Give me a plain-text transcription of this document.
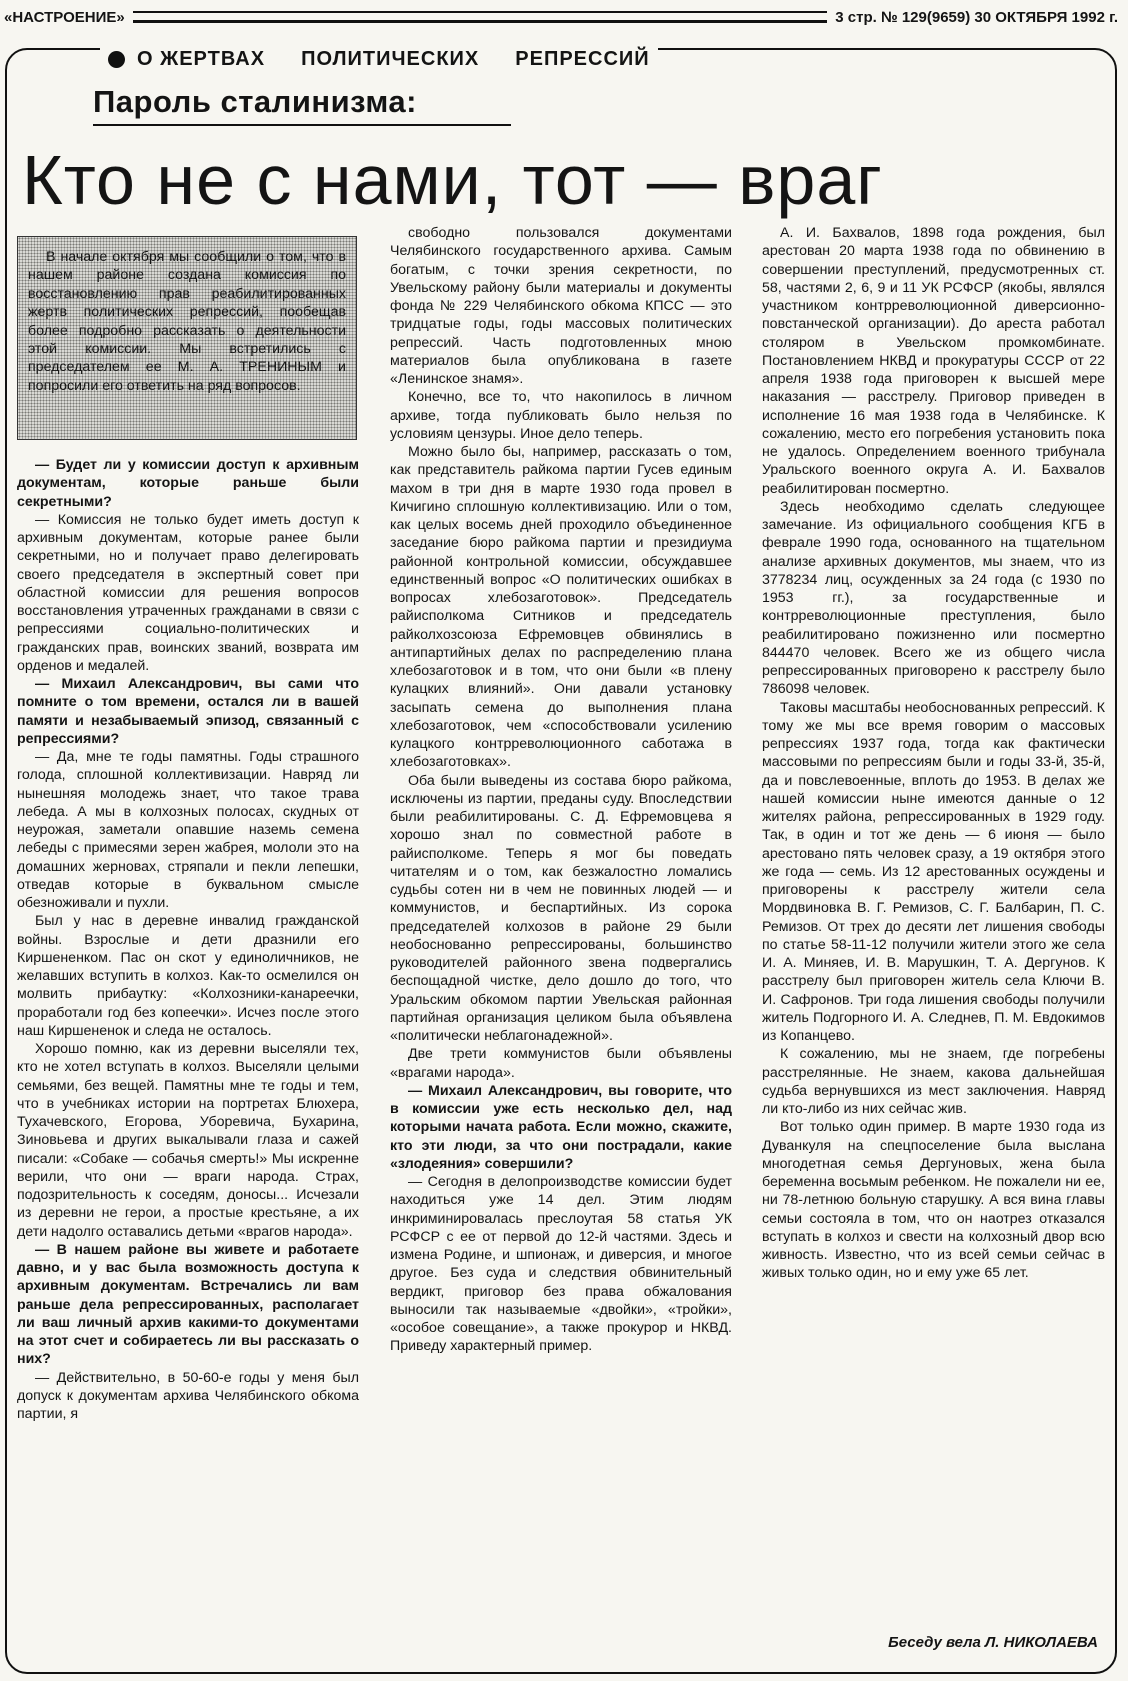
«НАСТРОЕНИЕ»	3 стр. № 129(9659) 30 ОКТЯБРЯ 1992 г.
О ЖЕРТВАХ ПОЛИТИЧЕСКИХ РЕПРЕССИЙ
Пароль сталинизма:
Кто не с нами, тот — враг
В начале октября мы сообщили о том, что в нашем районе создана комиссия по восстановлению прав реабилитированных жертв политических репрессий, пообещав более подробно рассказать о деятельности этой комиссии. Мы встретились с председателем ее М. А. ТРЕНИНЫМ и попросили его ответить на ряд вопросов.

— Будет ли у комиссии доступ к архивным документам, которые раньше были секретными?

— Комиссия не только будет иметь доступ к архивным документам, которые ранее были секретными, но и получает право делегировать своего председателя в экспертный совет при областной комиссии для решения вопросов восстановления утраченных гражданами в связи с репрессиями социально-политических и гражданских прав, воинских званий, возврата им орденов и медалей.

— Михаил Александрович, вы сами что помните о том времени, остался ли в вашей памяти и незабываемый эпизод, связанный с репрессиями?

— Да, мне те годы памятны. Годы страшного голода, сплошной коллективизации. Навряд ли нынешняя молодежь знает, что такое трава лебеда. А мы в колхозных полосах, скудных от неурожая, заметали опавшие наземь семена лебеды с примесями зерен жабрея, мололи это на домашних жерновах, стряпали и пекли лепешки, отведав которые в буквальном смысле обезноживали и пухли.

Был у нас в деревне инвалид гражданской войны. Взрослые и дети дразнили его Киршененком. Пас он скот у единоличников, не желавших вступить в колхоз. Как-то осмелился он молвить прибаутку: «Колхозники-канареечки, проработали год без копеечки». Исчез после этого наш Киршененок и следа не осталось.

Хорошо помню, как из деревни выселяли тех, кто не хотел вступать в колхоз. Выселяли целыми семьями, без вещей. Памятны мне те годы и тем, что в учебниках истории на портретах Блюхера, Тухачевского, Егорова, Уборевича, Бухарина, Зиновьева и других выкалывали глаза и сажей писали: «Собаке — собачья смерть!» Мы искренне верили, что они — враги народа. Страх, подозрительность к соседям, доносы... Исчезали из деревни не герои, а простые крестьяне, а их дети надолго оставались детьми «врагов народа».

— В нашем районе вы живете и работаете давно, и у вас была возможность доступа к архивным документам. Встречались ли вам раньше дела репрессированных, располагает ли ваш личный архив какими-то документами на этот счет и собираетесь ли вы рассказать о них?

— Действительно, в 50-60-е годы у меня был допуск к документам архива Челябинского обкома партии, я

свободно пользовался документами Челябинского государственного архива. Самым богатым, с точки зрения секретности, по Увельскому району были материалы и документы фонда № 229 Челябинского обкома КПСС — это тридцатые годы, годы массовых политических репрессий. Часть подготовленных мною материалов была опубликована в газете «Ленинское знамя».

Конечно, все то, что накопилось в личном архиве, тогда публиковать было нельзя по условиям цензуры. Иное дело теперь.

Можно было бы, например, рассказать о том, как представитель райкома партии Гусев единым махом в три дня в марте 1930 года провел в Кичигино сплошную коллективизацию. Или о том, как целых восемь дней проходило объединенное заседание бюро райкома партии и президиума районной контрольной комиссии, обсуждавшее единственный вопрос «О политических ошибках в вопросах хлебозаготовок». Председатель райисполкома Ситников и председатель райколхозсоюза Ефремовцев обвинялись в антипартийных делах по распределению плана хлебозаготовок и в том, что они были «в плену кулацких влияний». Они давали установку засыпать семена до выполнения плана хлебозаготовок, чем «способствовали усилению кулацкого контрреволюционного саботажа в хлебозаготовках».

Оба были выведены из состава бюро райкома, исключены из партии, преданы суду. Впоследствии были реабилитированы. С. Д. Ефремовцева я хорошо знал по совместной работе в райисполкоме. Теперь я мог бы поведать читателям и о том, как безжалостно ломались судьбы сотен ни в чем не повинных людей — и коммунистов, и беспартийных. Из сорока председателей колхозов в районе 29 были необоснованно репрессированы, большинство руководителей районного звена подвергались беспощадной чистке, дело дошло до того, что Уральским обкомом партии Увельская районная партийная организация целиком была объявлена «политически неблагонадежной».

Две трети коммунистов были объявлены «врагами народа».

— Михаил Александрович, вы говорите, что в комиссии уже есть несколько дел, над которыми начата работа. Если можно, скажите, кто эти люди, за что они пострадали, какие «злодеяния» совершили?

— Сегодня в делопроизводстве комиссии будет находиться уже 14 дел. Этим людям инкриминировалась преслоутая 58 статья УК РСФСР с ее от первой до 12-й частями. Здесь и измена Родине, и шпионаж, и диверсия, и многое другое. Без суда и следствия обвинительный вердикт, приговор без права обжалования выносили так называемые «двойки», «тройки», «особое совещание», а также прокурор и НКВД. Приведу характерный пример.

А. И. Бахвалов, 1898 года рождения, был арестован 20 марта 1938 года по обвинению в совершении преступлений, предусмотренных ст. 58, частями 2, 6, 9 и 11 УК РСФСР (якобы, являлся участником контрреволюционной диверсионно-повстанческой организации). До ареста работал столяром в Увельском промкомбинате. Постановлением НКВД и прокуратуры СССР от 22 апреля 1938 года приговорен к высшей мере наказания — расстрелу. Приговор приведен в исполнение 16 мая 1938 года в Челябинске. К сожалению, место его погребения установить пока не удалось. Определением военного трибунала Уральского военного округа А. И. Бахвалов реабилитирован посмертно.

Здесь необходимо сделать следующее замечание. Из официального сообщения КГБ в феврале 1990 года, основанного на тщательном анализе архивных документов, мы знаем, что из 3778234 лиц, осужденных за 24 года (с 1930 по 1953 гг.), за государственные и контрреволюционные преступления, было реабилитировано пожизненно или посмертно 844470 человек. Всего же из общего числа репрессированных приговорено к расстрелу было 786098 человек.

Таковы масштабы необоснованных репрессий. К тому же мы все время говорим о массовых репрессиях 1937 года, тогда как фактически массовыми по репрессиям были и годы 33-й, 35-й, да и повслевоенные, вплоть до 1953. В делах же нашей комиссии ныне имеются данные о 12 жителях района, репрессированных в 1929 году. Так, в один и тот же день — 6 июня — было арестовано пять человек сразу, а 19 октября этого же года — семь. Из 12 арестованных осуждены и приговорены к расстрелу жители села Мордвиновка В. Г. Ремизов, С. Г. Балбарин, П. С. Ремизов. От трех до десяти лет лишения свободы по статье 58-11-12 получили жители этого же села И. А. Миняев, И. В. Марушкин, Т. А. Дергунов. К расстрелу был приговорен житель села Ключи В. И. Сафронов. Три года лишения свободы получили житель Подгорного И. А. Следнев, П. М. Евдокимов из Копанцево.

К сожалению, мы не знаем, где погребены расстрелянные. Не знаем, какова дальнейшая судьба вернувшихся из мест заключения. Навряд ли кто-либо из них сейчас жив.

Вот только один пример. В марте 1930 года из Дуванкуля на спецпоселение была выслана многодетная семья Дергуновых, жена была беременна восьмым ребенком. Не пожалели ни ее, ни 78-летнюю больную старушку. А вся вина главы семьи состояла в том, что он наотрез отказался вступать в колхоз и свести на колхозный двор всю живность. Известно, что из всей семьи сейчас в живых только один, но и ему уже 65 лет.

Беседу вела Л. НИКОЛАЕВА
